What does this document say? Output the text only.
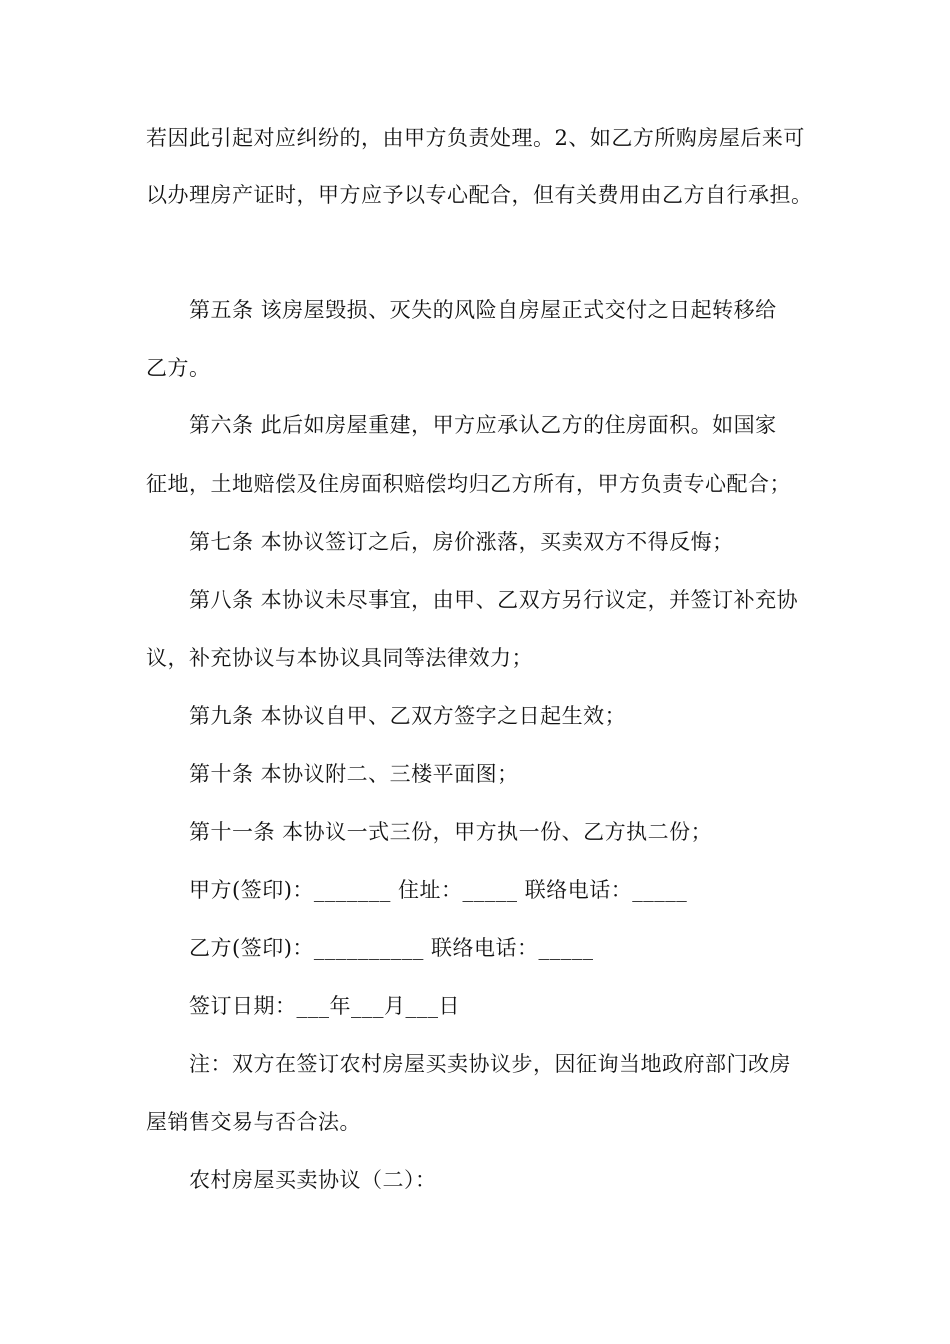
若因此引起对应纠纷的，由甲方负责处理。2、如乙方所购房屋后来可
以办理房产证时，甲方应予以专心配合，但有关费用由乙方自行承担。
第五条 该房屋毁损、灭失的风险自房屋正式交付之日起转移给
乙方。
第六条 此后如房屋重建，甲方应承认乙方的住房面积。如国家
征地，土地赔偿及住房面积赔偿均归乙方所有，甲方负责专心配合；
第七条 本协议签订之后，房价涨落，买卖双方不得反悔；
第八条 本协议未尽事宜，由甲、乙双方另行议定，并签订补充协
议，补充协议与本协议具同等法律效力；
第九条 本协议自甲、乙双方签字之日起生效；
第十条 本协议附二、三楼平面图；
第十一条 本协议一式三份，甲方执一份、乙方执二份；
甲方(签印)：_______ 住址：_____ 联络电话：_____
乙方(签印)：__________ 联络电话：_____
签订日期：___年___月___日
注：双方在签订农村房屋买卖协议步，因征询当地政府部门改房
屋销售交易与否合法。
农村房屋买卖协议（二）：
